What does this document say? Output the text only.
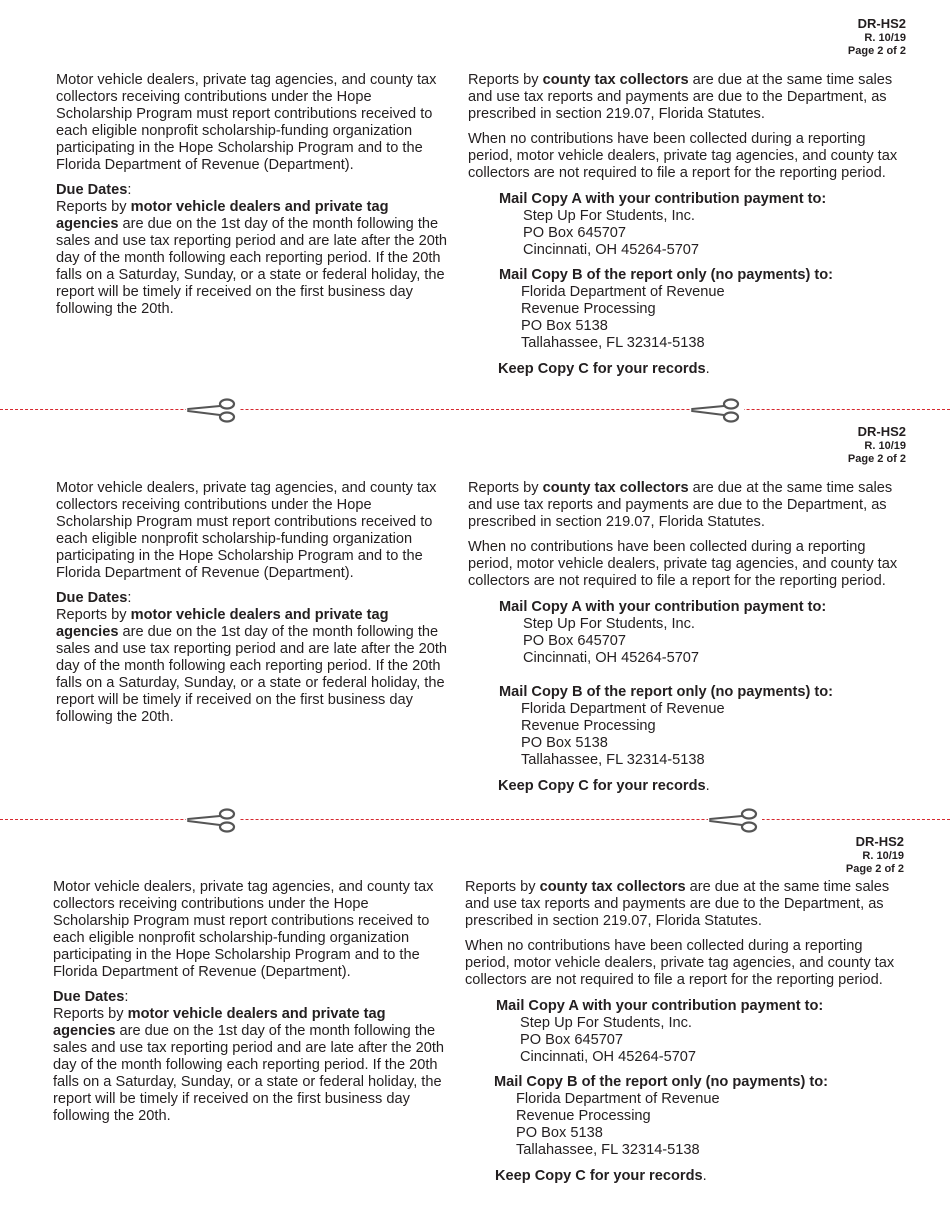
DR-HS2
R. 10/19
Page 2 of 2

Motor vehicle dealers, private tag agencies, and county tax collectors receiving contributions under the Hope Scholarship Program must report contributions received to each eligible nonprofit scholarship-funding organization participating in the Hope Scholarship Program and to the Florida Department of Revenue (Department).

Due Dates:
Reports by motor vehicle dealers and private tag agencies are due on the 1st day of the month following the sales and use tax reporting period and are late after the 20th day of the month following each reporting period. If the 20th falls on a Saturday, Sunday, or a state or federal holiday, the report will be timely if received on the first business day following the 20th.

Reports by county tax collectors are due at the same time sales and use tax reports and payments are due to the Department, as prescribed in section 219.07, Florida Statutes.

When no contributions have been collected during a reporting period, motor vehicle dealers, private tag agencies, and county tax collectors are not required to file a report for the reporting period.

Mail Copy A with your contribution payment to:
Step Up For Students, Inc.
PO Box 645707
Cincinnati, OH 45264-5707
Mail Copy B of the report only (no payments) to:
Florida Department of Revenue
Revenue Processing
PO Box 5138
Tallahassee, FL 32314-5138
Keep Copy C for your records.
DR-HS2
R. 10/19
Page 2 of 2

Motor vehicle dealers, private tag agencies, and county tax collectors receiving contributions under the Hope Scholarship Program must report contributions received to each eligible nonprofit scholarship-funding organization participating in the Hope Scholarship Program and to the Florida Department of Revenue (Department).

Due Dates:
Reports by motor vehicle dealers and private tag agencies are due on the 1st day of the month following the sales and use tax reporting period and are late after the 20th day of the month following each reporting period. If the 20th falls on a Saturday, Sunday, or a state or federal holiday, the report will be timely if received on the first business day following the 20th.

Reports by county tax collectors are due at the same time sales and use tax reports and payments are due to the Department, as prescribed in section 219.07, Florida Statutes.

When no contributions have been collected during a reporting period, motor vehicle dealers, private tag agencies, and county tax collectors are not required to file a report for the reporting period.

Mail Copy A with your contribution payment to:
Step Up For Students, Inc.
PO Box 645707
Cincinnati, OH 45264-5707
Mail Copy B of the report only (no payments) to:
Florida Department of Revenue
Revenue Processing
PO Box 5138
Tallahassee, FL 32314-5138
Keep Copy C for your records.
DR-HS2
R. 10/19
Page 2 of 2

Motor vehicle dealers, private tag agencies, and county tax collectors receiving contributions under the Hope Scholarship Program must report contributions received to each eligible nonprofit scholarship-funding organization participating in the Hope Scholarship Program and to the Florida Department of Revenue (Department).

Due Dates:
Reports by motor vehicle dealers and private tag agencies are due on the 1st day of the month following the sales and use tax reporting period and are late after the 20th day of the month following each reporting period. If the 20th falls on a Saturday, Sunday, or a state or federal holiday, the report will be timely if received on the first business day following the 20th.

Reports by county tax collectors are due at the same time sales and use tax reports and payments are due to the Department, as prescribed in section 219.07, Florida Statutes.

When no contributions have been collected during a reporting period, motor vehicle dealers, private tag agencies, and county tax collectors are not required to file a report for the reporting period.

Mail Copy A with your contribution payment to:
Step Up For Students, Inc.
PO Box 645707
Cincinnati, OH 45264-5707
Mail Copy B of the report only (no payments) to:
Florida Department of Revenue
Revenue Processing
PO Box 5138
Tallahassee, FL 32314-5138
Keep Copy C for your records.
